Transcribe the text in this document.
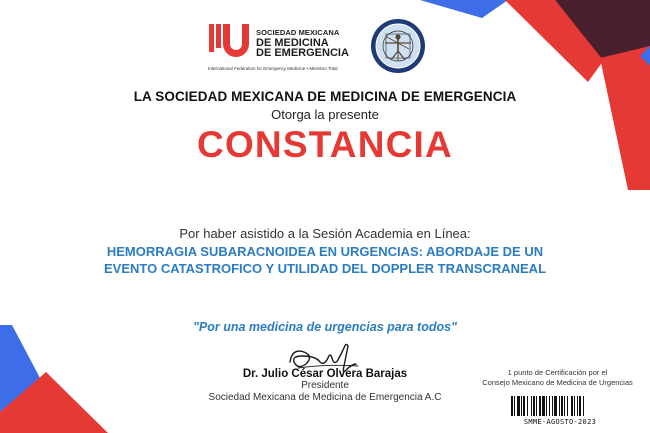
SOCIEDAD MEXICANA
DE MEDICINA
DE EMERGENCIA
International Federation for Emergency Medicine • Miembro Total
LA SOCIEDAD MEXICANA DE MEDICINA DE EMERGENCIA
Otorga la presente
CONSTANCIA
Por haber asistido a la Sesión Academia en Línea:
HEMORRAGIA SUBARACNOIDEA EN URGENCIAS: ABORDAJE DE UN
EVENTO CATASTROFICO Y UTILIDAD DEL DOPPLER TRANSCRANEAL
"Por una medicina de urgencias para todos"
Dr. Julio César Olvera Barajas
Presidente
Sociedad Mexicana de Medicina de Emergencia A.C
1 punto de Certificación por el
Consejo Mexicano de Medicina de Urgencias
SMME-AGOSTO-2023
